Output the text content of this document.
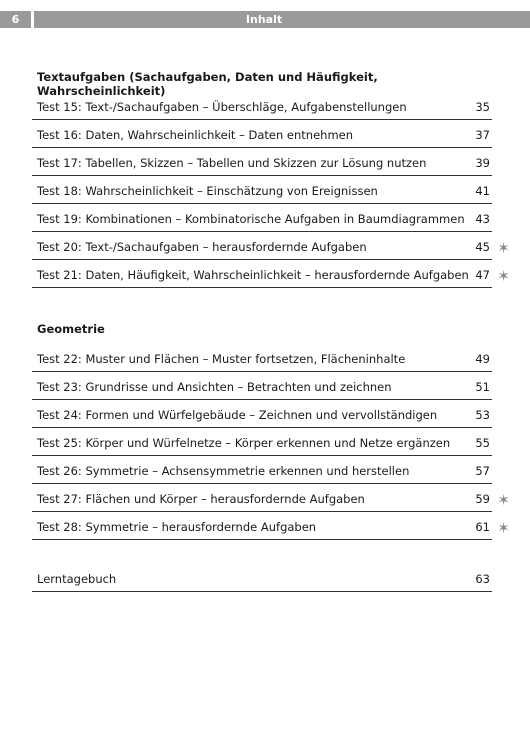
6	Inhalt
Textaufgaben (Sachaufgaben, Daten und Häufigkeit, Wahrscheinlichkeit)
Test 15: Text-/Sachaufgaben – Überschläge, Aufgabenstellungen	35
Test 16: Daten, Wahrscheinlichkeit – Daten entnehmen	37
Test 17: Tabellen, Skizzen – Tabellen und Skizzen zur Lösung nutzen	39
Test 18: Wahrscheinlichkeit – Einschätzung von Ereignissen	41
Test 19: Kombinationen – Kombinatorische Aufgaben in Baumdiagrammen 43
Test 20: Text-/Sachaufgaben – herausfordernde Aufgaben	45 ✶
Test 21: Daten, Häufigkeit, Wahrscheinlichkeit – herausfordernde Aufgaben 47 ✶
Geometrie
Test 22: Muster und Flächen – Muster fortsetzen, Flächeninhalte	49
Test 23: Grundrisse und Ansichten – Betrachten und zeichnen	51
Test 24: Formen und Würfelgebäude – Zeichnen und vervollständigen	53
Test 25: Körper und Würfelnetze – Körper erkennen und Netze ergänzen 55
Test 26: Symmetrie – Achsensymmetrie erkennen und herstellen	57
Test 27: Flächen und Körper – herausfordernde Aufgaben	59 ✶
Test 28: Symmetrie – herausfordernde Aufgaben	61 ✶
Lerntagebuch	63
